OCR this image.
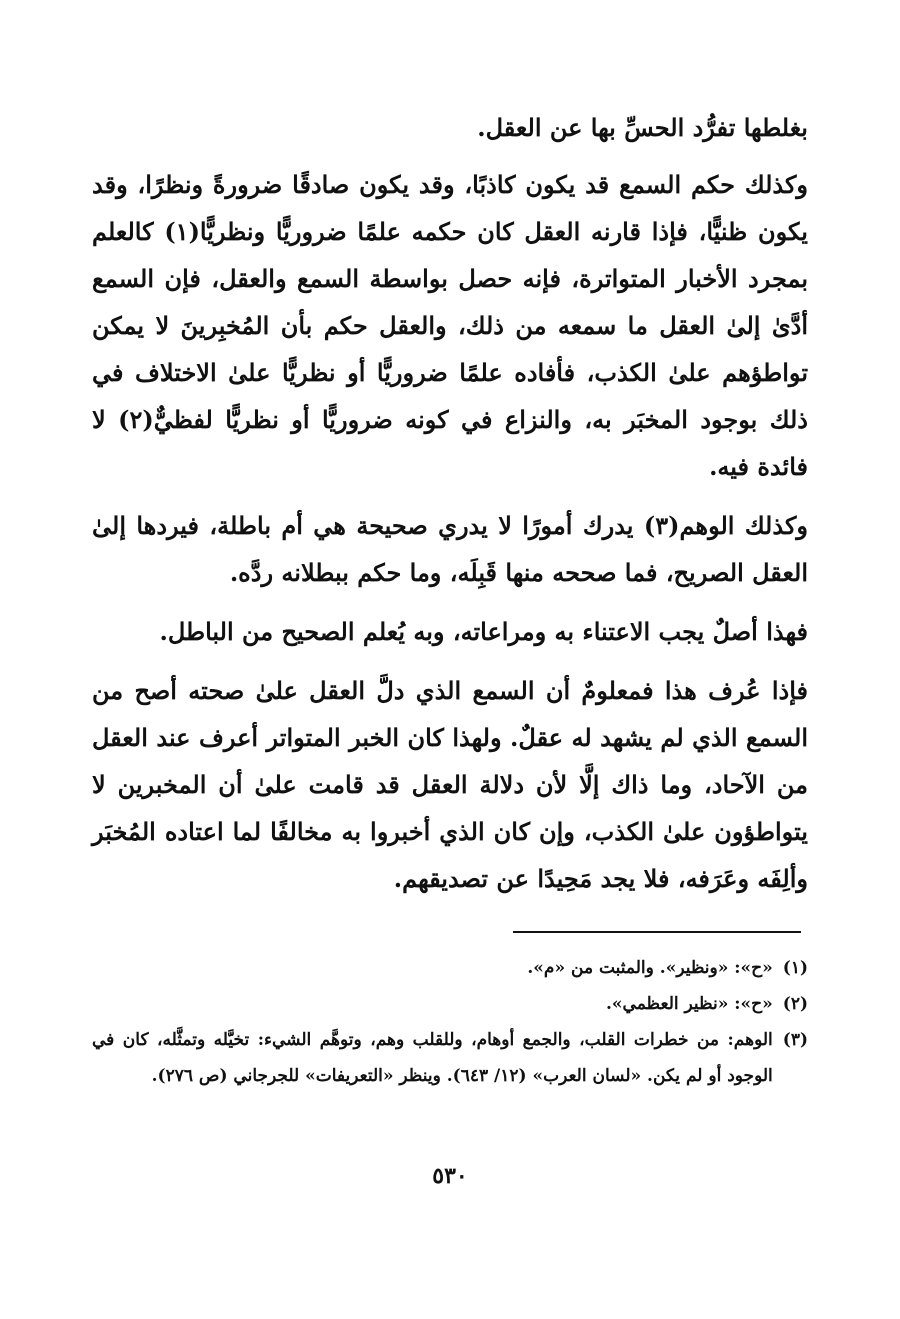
بغلطها تفرُّد الحسِّ بها عن العقل.

وكذلك حكم السمع قد يكون كاذبًا، وقد يكون صادقًا ضرورةً ونظرًا، وقد يكون ظنيًّا، فإذا قارنه العقل كان حكمه علمًا ضروريًّا ونظريًّا(١) كالعلم بمجرد الأخبار المتواترة، فإنه حصل بواسطة السمع والعقل، فإن السمع أدَّىٰ إلىٰ العقل ما سمعه من ذلك، والعقل حكم بأن المُخبِرينَ لا يمكن تواطؤهم علىٰ الكذب، فأفاده علمًا ضروريًّا أو نظريًّا علىٰ الاختلاف في ذلك بوجود المخبَر به، والنزاع في كونه ضروريًّا أو نظريًّا لفظيٌّ(٢) لا فائدة فيه.

وكذلك الوهم(٣) يدرك أمورًا لا يدري صحيحة هي أم باطلة، فيردها إلىٰ العقل الصريح، فما صححه منها قَبِلَه، وما حكم ببطلانه ردَّه.

فهذا أصلٌ يجب الاعتناء به ومراعاته، وبه يُعلم الصحيح من الباطل.

فإذا عُرف هذا فمعلومٌ أن السمع الذي دلَّ العقل علىٰ صحته أصح من السمع الذي لم يشهد له عقلٌ. ولهذا كان الخبر المتواتر أعرف عند العقل من الآحاد، وما ذاك إلَّا لأن دلالة العقل قد قامت علىٰ أن المخبرين لا يتواطؤون علىٰ الكذب، وإن كان الذي أخبروا به مخالفًا لما اعتاده المُخبَر وألِفَه وعَرَفه، فلا يجد مَحِيدًا عن تصديقهم.

(١)
«ح»: «ونظير». والمثبت من «م».
(٢)
«ح»: «نظير العظمي».
(٣)
الوهم: من خطرات القلب، والجمع أوهام، وللقلب وهم، وتوهَّم الشيء: تخيَّله وتمثَّله، كان في الوجود أو لم يكن. «لسان العرب» (١٢/ ٦٤٣). وينظر «التعريفات» للجرجاني (ص ٢٧٦).
٥٣٠
